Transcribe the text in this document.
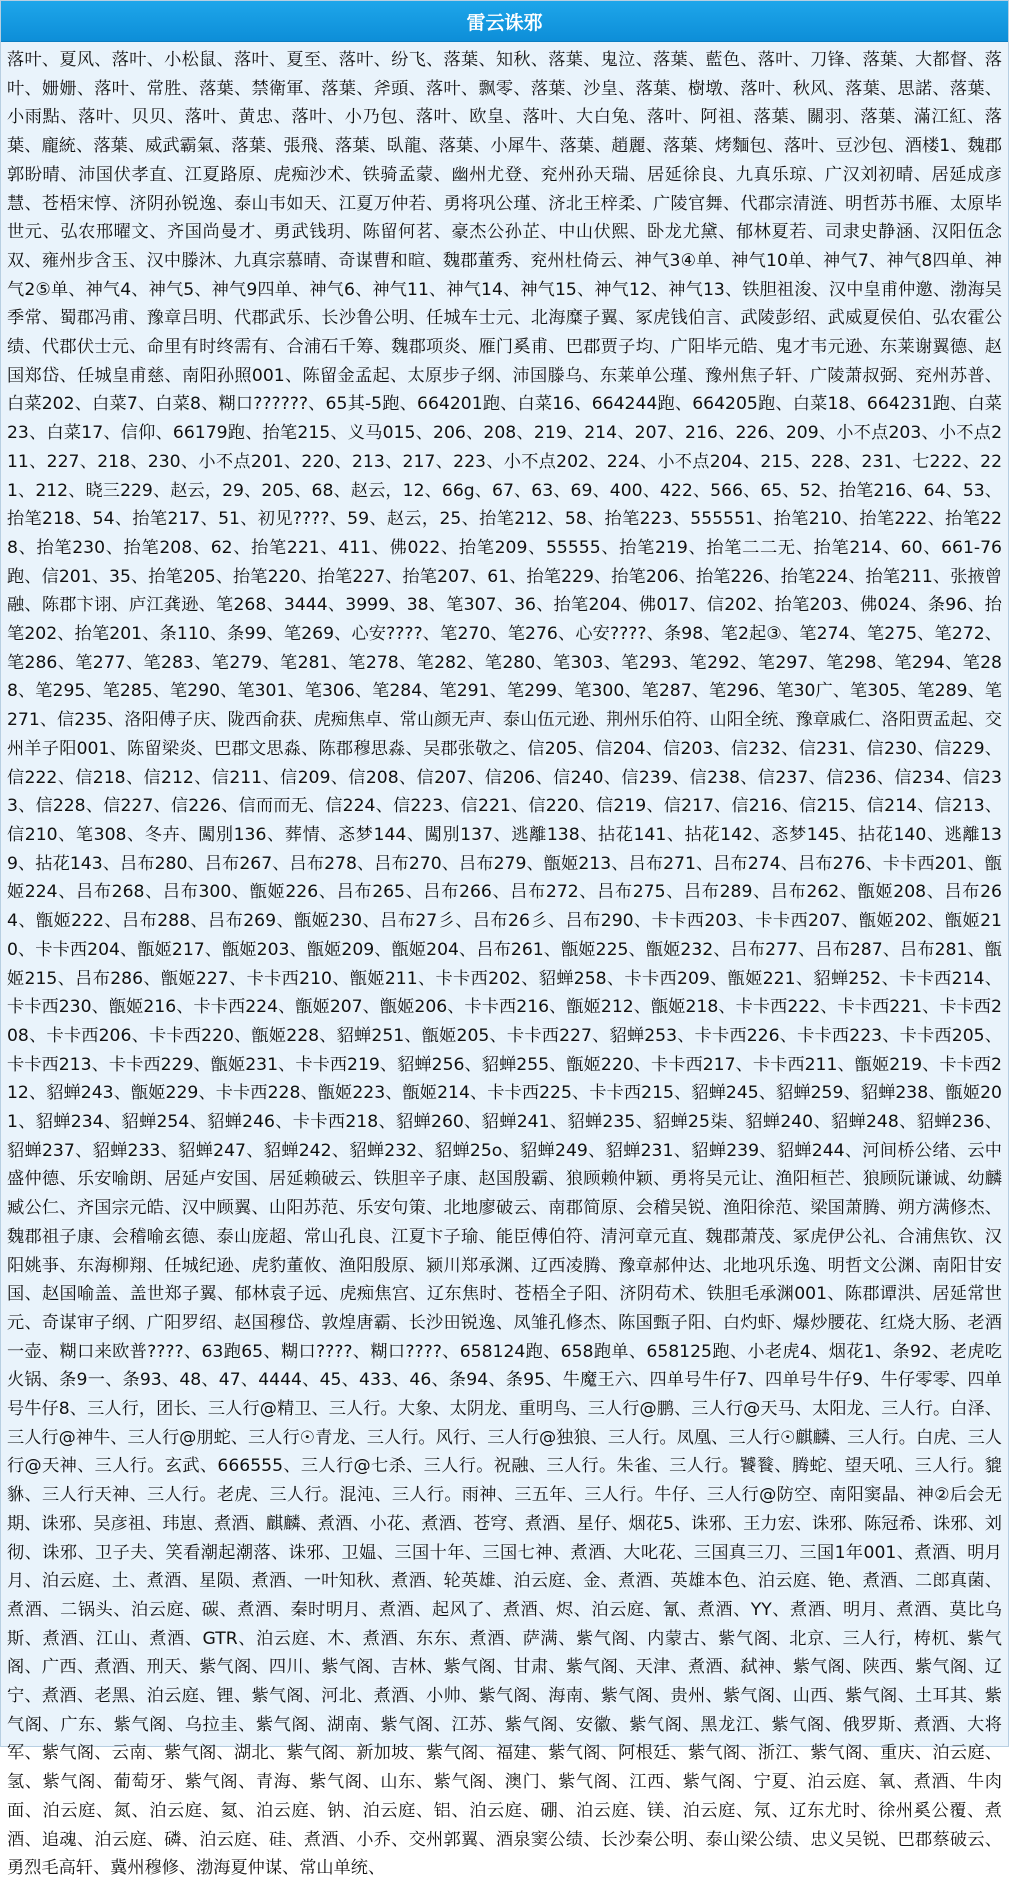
雷云诛邪
落叶、夏风、落叶、小松鼠、落叶、夏至、落叶、纷飞、落葉、知秋、落葉、鬼泣、落葉、藍色、落叶、刀锋、落葉、大都督、落叶、姗姗、落叶、常胜、落葉、禁衛軍、落葉、斧頭、落叶、飘零、落葉、沙皇、落葉、樹墩、落叶、秋风、落葉、思諾、落葉、小雨點、落叶、贝贝、落叶、黄忠、落叶、小乃包、落叶、欧皇、落叶、大白兔、落叶、阿祖、落葉、關羽、落葉、滿江紅、落葉、龐統、落葉、威武霸氣、落葉、張飛、落葉、臥龍、落葉、小犀牛、落葉、趙麗、落葉、烤麵包、落叶、豆沙包、酒楼1、魏郡郭盼晴、沛国伏孝直、江夏路原、虎痴沙术、铁骑孟蒙、幽州尤登、兖州孙天瑞、居延徐良、九真乐琼、广汉刘初晴、居延成彦慧、苍梧宋惇、济阴孙锐逸、泰山韦如天、江夏万仲若、勇将巩公瑾、济北王梓柔、广陵官舞、代郡宗清涟、明哲苏书雁、太原毕世元、弘农邢曜文、齐国尚曼才、勇武钱玥、陈留何茗、豪杰公孙芷、中山伏熙、卧龙尤黛、郁林夏若、司隶史静涵、汉阳伍念双、雍州步含玉、汉中滕沐、九真宗慕晴、奇谋曹和暄、魏郡董秀、兖州杜倚云、神气3④单、神气10单、神气7、神气8四单、神气2⑤单、神气4、神气5、神气9四单、神气6、神气11、神气14、神气15、神气12、神气13、铁胆祖浚、汉中皇甫仲邀、渤海吴季常、蜀郡冯甫、豫章吕明、代郡武乐、长沙鲁公明、任城车士元、北海糜子翼、冢虎钱伯言、武陵彭绍、武威夏侯伯、弘农霍公绩、代郡伏士元、命里有时终需有、合浦石千筹、魏郡项炎、雁门奚甫、巴郡贾子均、广阳毕元皓、鬼才韦元逊、东莱谢翼德、赵国郑岱、任城皇甫慈、南阳孙照001、陈留金孟起、太原步子纲、沛国滕乌、东莱单公瑾、豫州焦子轩、广陵萧叔弼、兖州苏普、白菜202、白菜7、白菜8、糊口??????、65其-5跑、664201跑、白菜16、664244跑、664205跑、白菜18、664231跑、白菜23、白菜17、信仰、66179跑、抬笔215、义马015、206、208、219、214、207、216、226、209、小不点203、小不点211、227、218、230、小不点201、220、213、217、223、小不点202、224、小不点204、215、228、231、七222、221、212、晓三229、赵云，29、205、68、赵云，12、66g、67、63、69、400、422、566、65、52、抬笔216、64、53、抬笔218、54、抬笔217、51、初见????、59、赵云，25、抬笔212、58、抬笔223、555551、抬笔210、抬笔222、抬笔228、抬笔230、抬笔208、62、抬笔221、411、佛022、抬笔209、55555、抬笔219、抬笔二二无、抬笔214、60、661-76跑、信201、35、抬笔205、抬笔220、抬笔227、抬笔207、61、抬笔229、抬笔206、抬笔226、抬笔224、抬笔211、张掖曾融、陈郡卞诩、庐江龚逊、笔268、3444、3999、38、笔307、36、抬笔204、佛017、信202、抬笔203、佛024、条96、抬笔202、抬笔201、条110、条99、笔269、心安????、笔270、笔276、心安????、条98、笔2起③、笔274、笔275、笔272、笔286、笔277、笔283、笔279、笔281、笔278、笔282、笔280、笔303、笔293、笔292、笔297、笔298、笔294、笔288、笔295、笔285、笔290、笔301、笔306、笔284、笔291、笔299、笔300、笔287、笔296、笔30广、笔305、笔289、笔271、信235、洛阳傅子庆、陇西俞获、虎痴焦卓、常山颜无声、泰山伍元逊、荆州乐伯符、山阳全统、豫章戚仁、洛阳贾孟起、交州羊子阳001、陈留梁炎、巴郡文思淼、陈郡穆思淼、吴郡张敬之、信205、信204、信203、信232、信231、信230、信229、信222、信218、信212、信211、信209、信208、信207、信206、信240、信239、信238、信237、信236、信234、信233、信228、信227、信226、信而而无、信224、信223、信221、信220、信219、信217、信216、信215、信214、信213、信210、笔308、冬卉、闖別136、葬情、忞梦144、闖別137、逃離138、拈花141、拈花142、忞梦145、拈花140、逃離139、拈花143、吕布280、吕布267、吕布278、吕布270、吕布279、甑姬213、吕布271、吕布274、吕布276、卡卡西201、甑姬224、吕布268、吕布300、甑姬226、吕布265、吕布266、吕布272、吕布275、吕布289、吕布262、甑姬208、吕布264、甑姬222、吕布288、吕布269、甑姬230、吕布27彡、吕布26彡、吕布290、卡卡西203、卡卡西207、甑姬202、甑姬210、卡卡西204、甑姬217、甑姬203、甑姬209、甑姬204、吕布261、甑姬225、甑姬232、吕布277、吕布287、吕布281、甑姬215、吕布286、甑姬227、卡卡西210、甑姬211、卡卡西202、貂蝉258、卡卡西209、甑姬221、貂蝉252、卡卡西214、卡卡西230、甑姬216、卡卡西224、甑姬207、甑姬206、卡卡西216、甑姬212、甑姬218、卡卡西222、卡卡西221、卡卡西208、卡卡西206、卡卡西220、甑姬228、貂蝉251、甑姬205、卡卡西227、貂蝉253、卡卡西226、卡卡西223、卡卡西205、卡卡西213、卡卡西229、甑姬231、卡卡西219、貂蝉256、貂蝉255、甑姬220、卡卡西217、卡卡西211、甑姬219、卡卡西212、貂蝉243、甑姬229、卡卡西228、甑姬223、甑姬214、卡卡西225、卡卡西215、貂蝉245、貂蝉259、貂蝉238、甑姬201、貂蝉234、貂蝉254、貂蝉246、卡卡西218、貂蝉260、貂蝉241、貂蝉235、貂蝉25柒、貂蝉240、貂蝉248、貂蝉236、貂蝉237、貂蝉233、貂蝉247、貂蝉242、貂蝉232、貂蝉25o、貂蝉249、貂蝉231、貂蝉239、貂蝉244、河间桥公绪、云中盛仲德、乐安喻朗、居延卢安国、居延赖破云、铁胆辛子康、赵国殷霸、狼顾赖仲颖、勇将吴元让、渔阳桓芒、狼顾阮谦诚、幼麟臧公仁、齐国宗元皓、汉中顾翼、山阳苏范、乐安句策、北地廖破云、南郡简原、会稽吴锐、渔阳徐范、梁国萧腾、朔方满修杰、魏郡祖子康、会稽喻玄德、泰山庞超、常山孔良、江夏卞子瑜、能臣傅伯符、清河章元直、魏郡萧茂、冢虎伊公礼、合浦焦钦、汉阳姚亊、东海柳翔、任城纪逊、虎豹董攸、渔阳殷原、颍川郑承渊、辽西凌腾、豫章郝仲达、北地巩乐逸、明哲文公渊、南阳甘安国、赵国喻盖、盖世郑子翼、郁林袁子远、虎痴焦宫、辽东焦时、苍梧全子阳、济阴苟术、铁胆毛承渊001、陈郡谭洪、居延常世元、奇谋审子纲、广阳罗绍、赵国穆岱、敦煌唐霸、长沙田锐逸、凤雏孔修杰、陈国甄子阳、白灼虾、爆炒腰花、红烧大肠、老酒一壶、糊口来欧普????、63跑65、糊口????、糊口????、658124跑、658跑单、658125跑、小老虎4、烟花1、条92、老虎吃火锅、条9一、条93、48、47、4444、45、433、46、条94、条95、牛魔王六、四单号牛仔7、四单号牛仔9、牛仔零零、四单号牛仔8、三人行，团长、三人行@精卫、三人行。大象、太阴龙、重明鸟、三人行@鹏、三人行@天马、太阳龙、三人行。白泽、三人行@神牛、三人行@朋蛇、三人行☉青龙、三人行。风行、三人行@独狼、三人行。凤凰、三人行☉麒麟、三人行。白虎、三人行@天神、三人行。玄武、666555、三人行@七杀、三人行。祝融、三人行。朱雀、三人行。饕餮、腾蛇、望天吼、三人行。貔貅、三人行天神、三人行。老虎、三人行。混沌、三人行。雨神、三五年、三人行。牛仔、三人行@防空、南阳窦晶、神②后会无期、诛邪、吴彦祖、玮崽、煮酒、麒麟、煮酒、小花、煮酒、苍穹、煮酒、星仔、烟花5、诛邪、王力宏、诛邪、陈冠希、诛邪、刘彻、诛邪、卫子夫、笑看潮起潮落、诛邪、卫媪、三国十年、三国七神、煮酒、大叱花、三国真三刀、三国1年001、煮酒、明月月、泊云庭、土、煮酒、星陨、煮酒、一叶知秋、煮酒、轮英雄、泊云庭、金、煮酒、英雄本色、泊云庭、铯、煮酒、二郎真菌、煮酒、二锅头、泊云庭、碳、煮酒、秦时明月、煮酒、起风了、煮酒、烬、泊云庭、氰、煮酒、YY、煮酒、明月、煮酒、莫比乌斯、煮酒、江山、煮酒、GTR、泊云庭、木、煮酒、东东、煮酒、萨满、紫气阁、内蒙古、紫气阁、北京、三人行，梼杌、紫气阁、广西、煮酒、刑天、紫气阁、四川、紫气阁、吉林、紫气阁、甘肃、紫气阁、天津、煮酒、弑神、紫气阁、陕西、紫气阁、辽宁、煮酒、老黑、泊云庭、锂、紫气阁、河北、煮酒、小帅、紫气阁、海南、紫气阁、贵州、紫气阁、山西、紫气阁、土耳其、紫气阁、广东、紫气阁、乌拉圭、紫气阁、湖南、紫气阁、江苏、紫气阁、安徽、紫气阁、黑龙江、紫气阁、俄罗斯、煮酒、大将军、紫气阁、云南、紫气阁、湖北、紫气阁、新加坡、紫气阁、福建、紫气阁、阿根廷、紫气阁、浙江、紫气阁、重庆、泊云庭、氢、紫气阁、葡萄牙、紫气阁、青海、紫气阁、山东、紫气阁、澳门、紫气阁、江西、紫气阁、宁夏、泊云庭、氧、煮酒、牛肉面、泊云庭、氮、泊云庭、氦、泊云庭、钠、泊云庭、铝、泊云庭、硼、泊云庭、镁、泊云庭、氖、辽东尤时、徐州奚公覆、煮酒、追魂、泊云庭、磷、泊云庭、硅、煮酒、小乔、交州郭翼、酒泉窦公绩、长沙秦公明、泰山梁公绩、忠义吴锐、巴郡蔡破云、勇烈毛高轩、冀州穆修、渤海夏仲谋、常山单统、
